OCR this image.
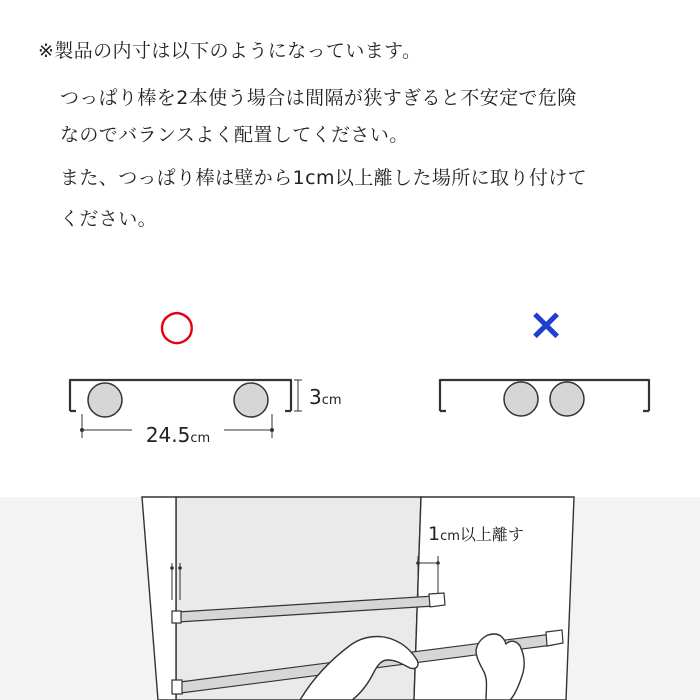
※製品の内寸は以下のようになっています。

つっぱり棒を2本使う場合は間隔が狭すぎると不安定で危険

なのでバランスよく配置してください。

また、つっぱり棒は壁から1cm以上離した場所に取り付けて

ください。

○
3cm
24.5cm
×
1cm以上離す
